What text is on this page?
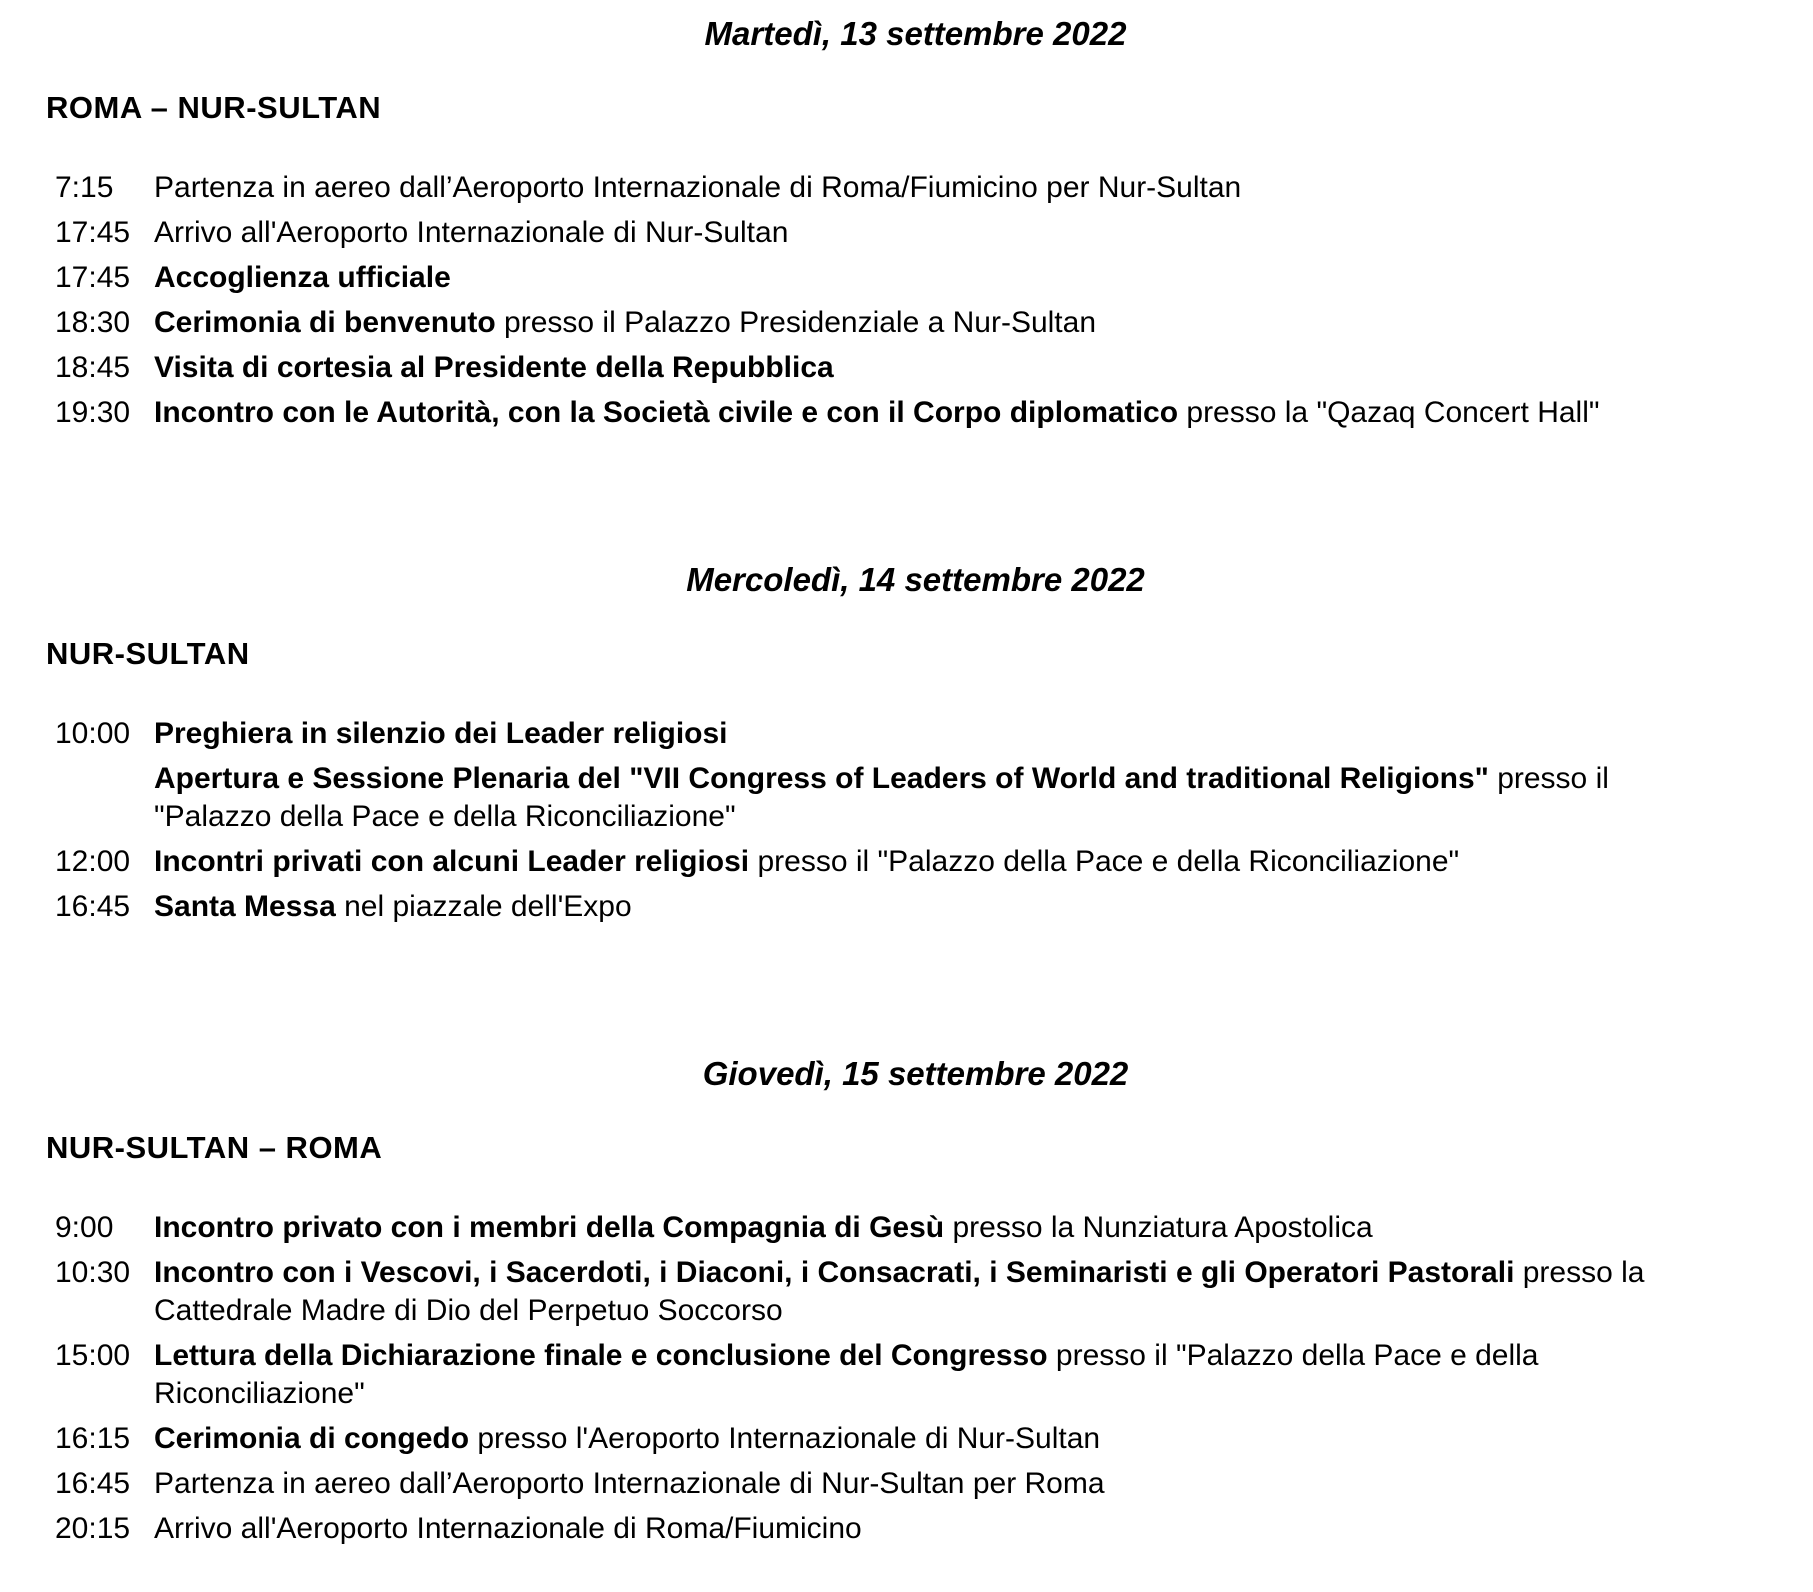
Martedì, 13 settembre 2022

ROMA – NUR-SULTAN

7:15	Partenza in aereo dall’Aeroporto Internazionale di Roma/Fiumicino per Nur-Sultan
17:45 Arrivo all'Aeroporto Internazionale di Nur-Sultan
17:45 Accoglienza ufficiale
18:30 Cerimonia di benvenuto presso il Palazzo Presidenziale a Nur-Sultan
18:45 Visita di cortesia al Presidente della Repubblica
19:30 Incontro con le Autorità, con la Società civile e con il Corpo diplomatico presso la "Qazaq Concert Hall"

Mercoledì, 14 settembre 2022

NUR-SULTAN

10:00 Preghiera in silenzio dei Leader religiosi
Apertura e Sessione Plenaria del "VII Congress of Leaders of World and traditional Religions" presso il
"Palazzo della Pace e della Riconciliazione"
12:00 Incontri privati con alcuni Leader religiosi presso il "Palazzo della Pace e della Riconciliazione"
16:45 Santa Messa nel piazzale dell'Expo

Giovedì, 15 settembre 2022

NUR-SULTAN – ROMA

9:00	Incontro privato con i membri della Compagnia di Gesù presso la Nunziatura Apostolica
10:30 Incontro con i Vescovi, i Sacerdoti, i Diaconi, i Consacrati, i Seminaristi e gli Operatori Pastorali presso la
Cattedrale Madre di Dio del Perpetuo Soccorso
15:00 Lettura della Dichiarazione finale e conclusione del Congresso presso il "Palazzo della Pace e della
Riconciliazione"
16:15 Cerimonia di congedo presso l'Aeroporto Internazionale di Nur-Sultan
16:45 Partenza in aereo dall’Aeroporto Internazionale di Nur-Sultan per Roma
20:15 Arrivo all'Aeroporto Internazionale di Roma/Fiumicino
